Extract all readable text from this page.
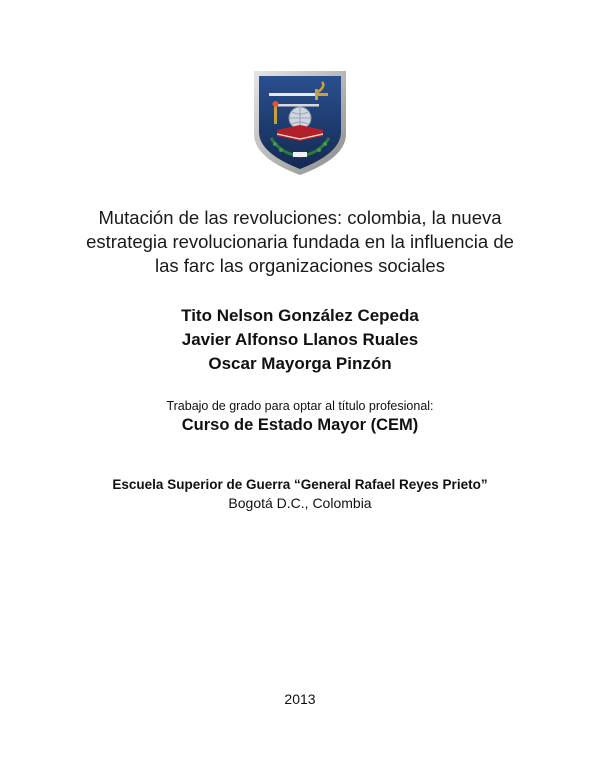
Mutación de las revoluciones: colombia, la nueva
estrategia revolucionaria fundada en la influencia de
las farc las organizaciones sociales
Tito Nelson González Cepeda
Javier Alfonso Llanos Ruales
Oscar Mayorga Pinzón
Trabajo de grado para optar al título profesional:
Curso de Estado Mayor (CEM)
Escuela Superior de Guerra “General Rafael Reyes Prieto”
Bogotá D.C., Colombia
2013
